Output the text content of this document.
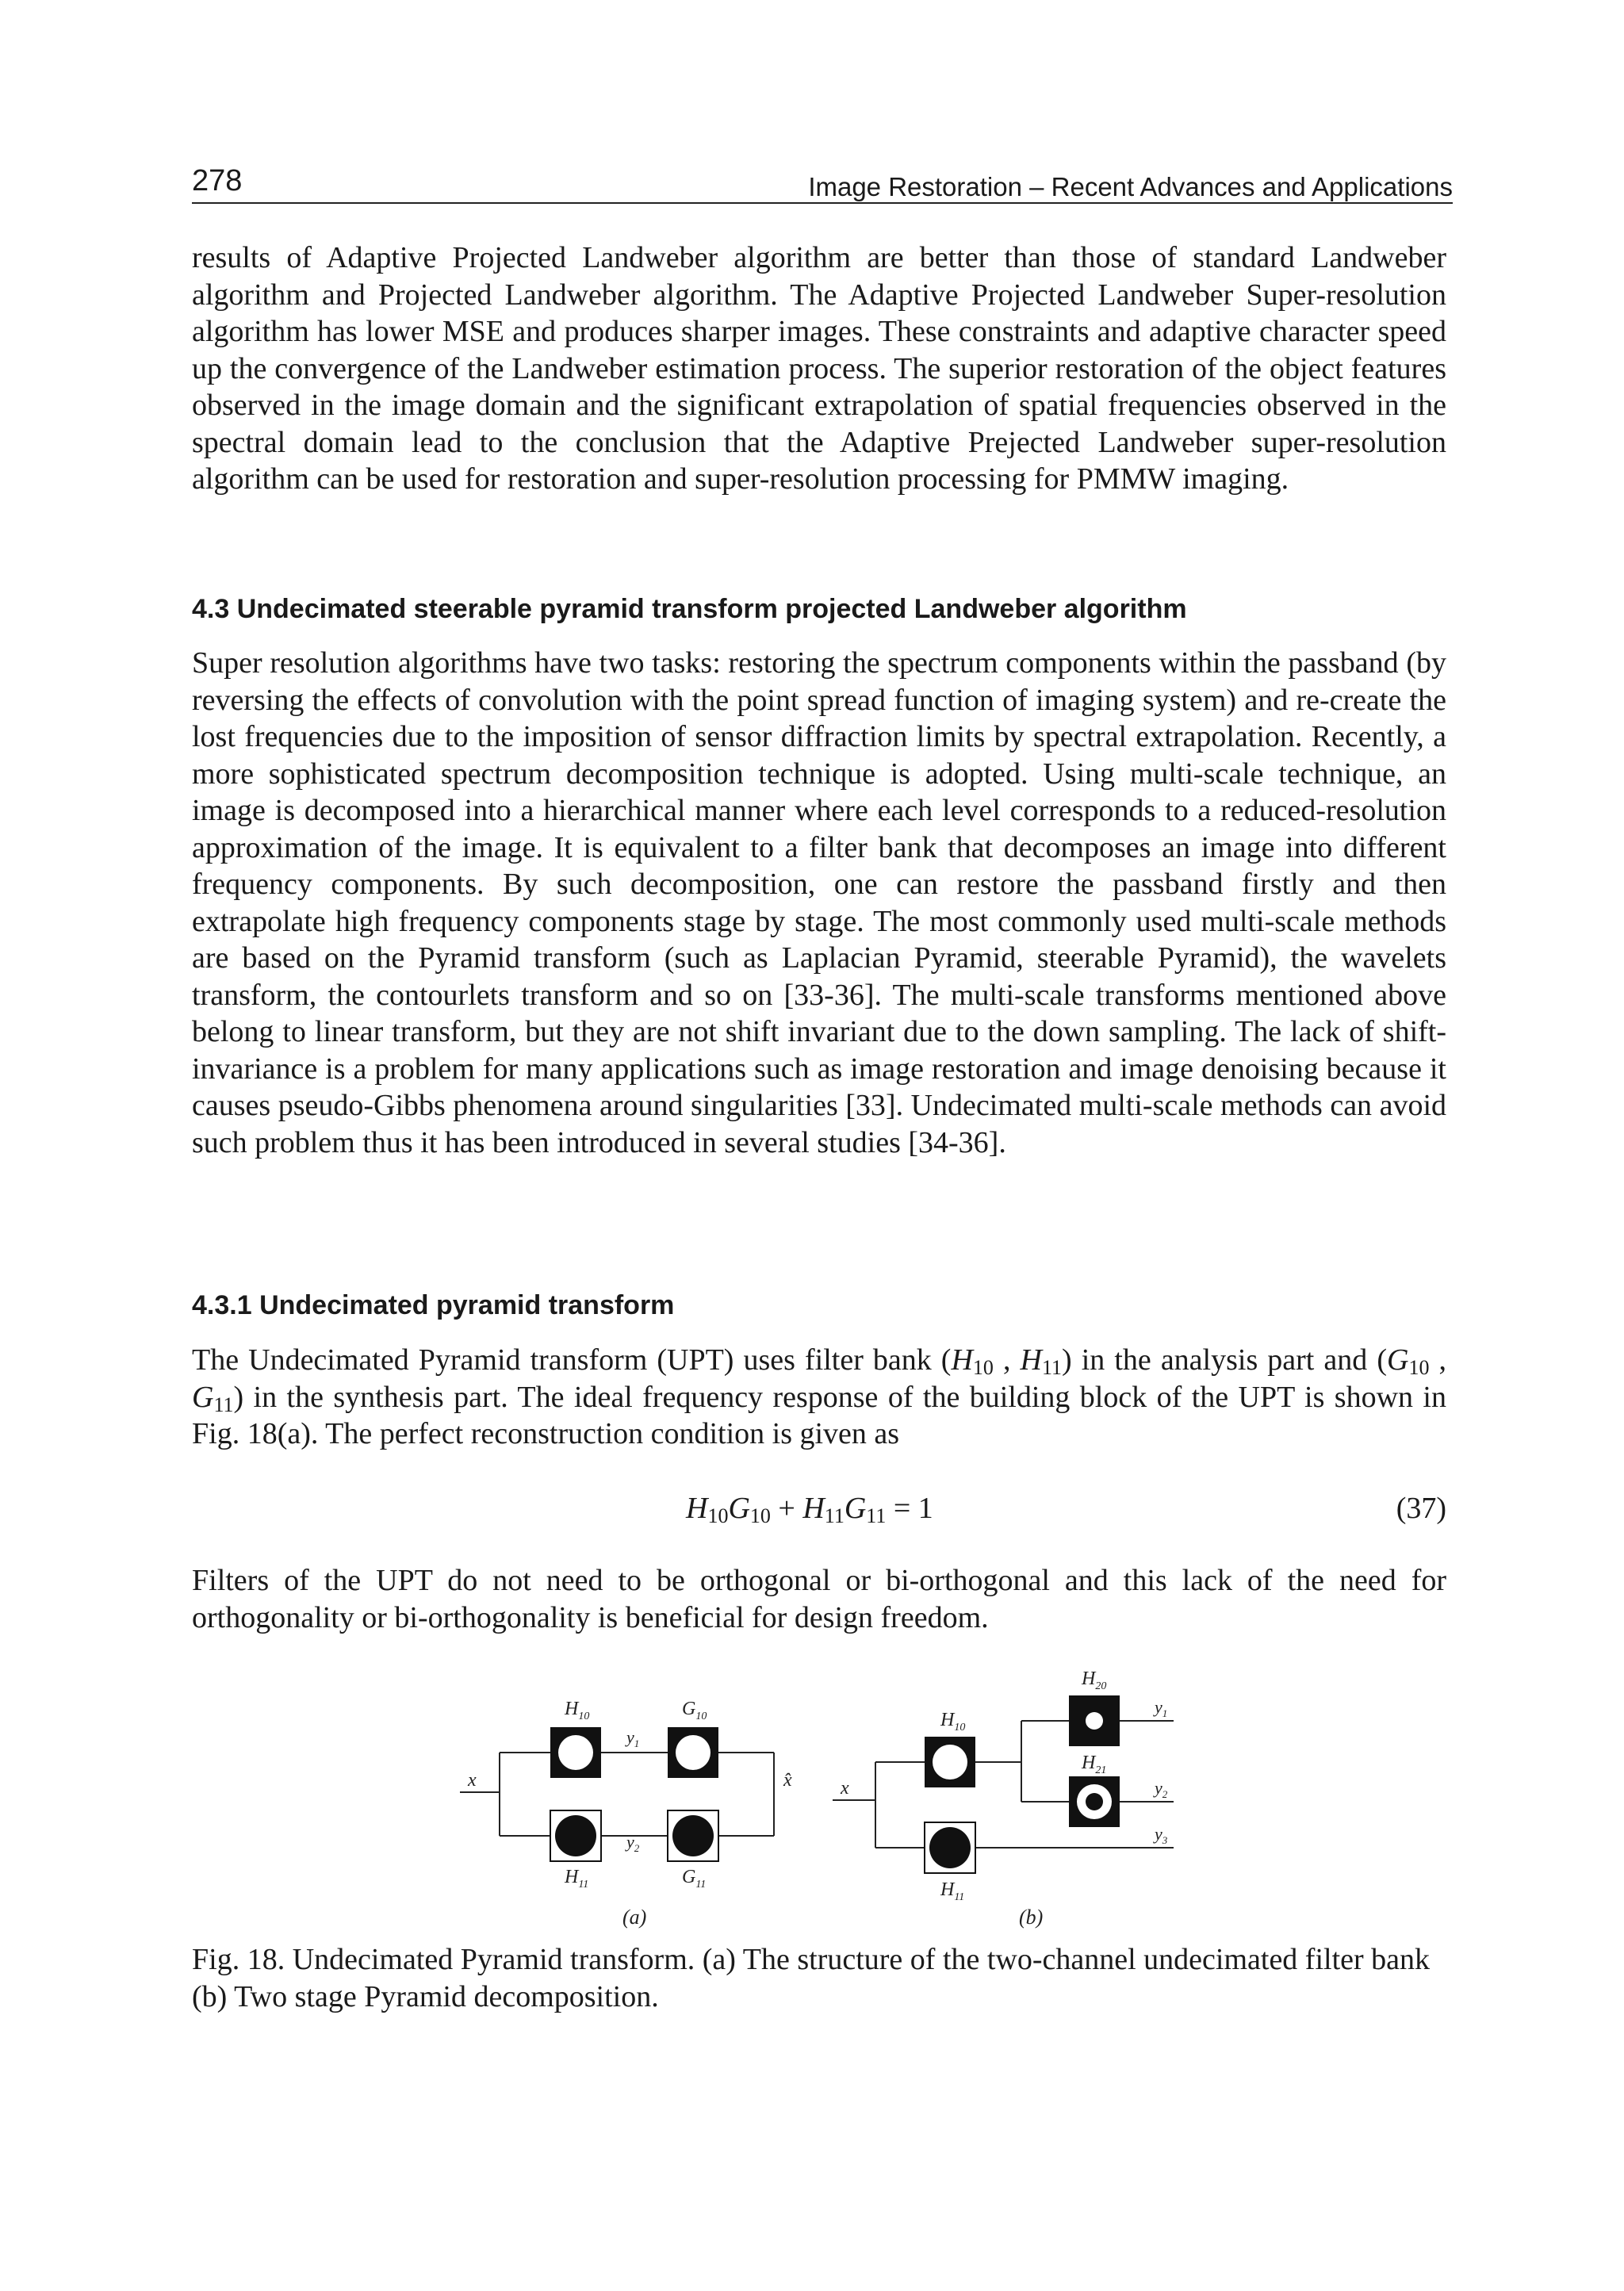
278	Image Restoration – Recent Advances and Applications

results of Adaptive Projected Landweber algorithm are better than those of standard Landweber algorithm and Projected Landweber algorithm. The Adaptive Projected Landweber Super-resolution algorithm has lower MSE and produces sharper images. These constraints and adaptive character speed up the convergence of the Landweber estimation process. The superior restoration of the object features observed in the image domain and the significant extrapolation of spatial frequencies observed in the spectral domain lead to the conclusion that the Adaptive Prejected Landweber super-resolution algorithm can be used for restoration and super-resolution processing for PMMW imaging.

4.3 Undecimated steerable pyramid transform projected Landweber algorithm

Super resolution algorithms have two tasks: restoring the spectrum components within the passband (by reversing the effects of convolution with the point spread function of imaging system) and re-create the lost frequencies due to the imposition of sensor diffraction limits by spectral extrapolation. Recently, a more sophisticated spectrum decomposition technique is adopted. Using multi-scale technique, an image is decomposed into a hierarchical manner where each level corresponds to a reduced-resolution approximation of the image. It is equivalent to a filter bank that decomposes an image into different frequency components. By such decomposition, one can restore the passband firstly and then extrapolate high frequency components stage by stage. The most commonly used multi-scale methods are based on the Pyramid transform (such as Laplacian Pyramid, steerable Pyramid), the wavelets transform, the contourlets transform and so on [33-36]. The multi-scale transforms mentioned above belong to linear transform, but they are not shift invariant due to the down sampling. The lack of shift-invariance is a problem for many applications such as image restoration and image denoising because it causes pseudo-Gibbs phenomena around singularities [33]. Undecimated multi-scale methods can avoid such problem thus it has been introduced in several studies [34-36].

4.3.1 Undecimated pyramid transform

The Undecimated Pyramid transform (UPT) uses filter bank ($H_{10}$ , $H_{11}$) in the analysis part and ($G_{10}$ , $G_{11}$) in the synthesis part. The ideal frequency response of the building block of the UPT is shown in Fig. 18(a). The perfect reconstruction condition is given as

$H_{10}G_{10} + H_{11}G_{11} = 1$	(37)

Filters of the UPT do not need to be orthogonal or bi-orthogonal and this lack of the need for orthogonality or bi-orthogonality is beneficial for design freedom.

x	x̂
$H_{10}$	$G_{10}$
$H_{11}$	$G_{11}$
$y_1$
$y_2$
(a)
x
$H_{10}$
$H_{11}$
$H_{20}$
$H_{21}$
$y_1$
$y_2$
$y_3$
(b)

Fig. 18. Undecimated Pyramid transform. (a) The structure of the two-channel undecimated filter bank (b) Two stage Pyramid decomposition.
